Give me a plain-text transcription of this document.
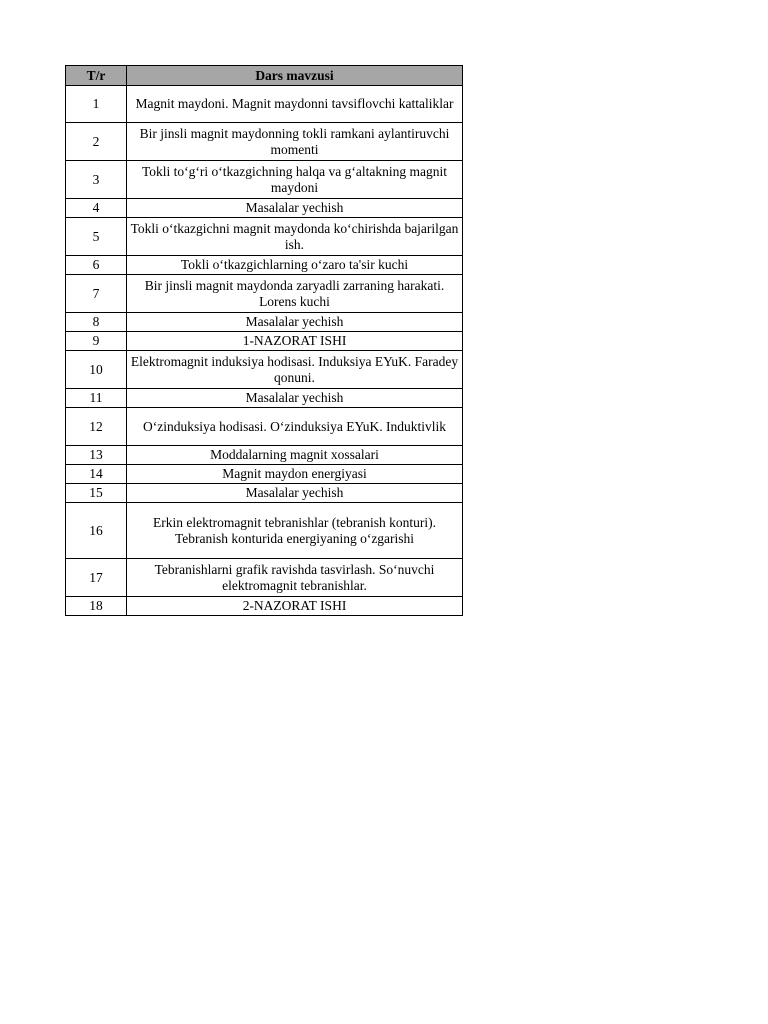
T/r	Dars mavzusi
1	Magnit maydoni. Magnit maydonni tavsiflovchi kattaliklar
2	Bir jinsli magnit maydonning tokli ramkani aylantiruvchi momenti
3	Tokli to‘g‘ri o‘tkazgichning halqa va g‘altakning magnit maydoni
4	Masalalar yechish
5	Tokli o‘tkazgichni magnit maydonda ko‘chirishda bajarilgan ish.
6	Tokli o‘tkazgichlarning o‘zaro ta'sir kuchi
7	Bir jinsli magnit maydonda zaryadli zarraning harakati. Lorens kuchi
8	Masalalar yechish
9	1-NAZORAT ISHI
10	Elektromagnit induksiya hodisasi. Induksiya EYuK. Faradey qonuni.
11	Masalalar yechish
12	O‘zinduksiya hodisasi. O‘zinduksiya EYuK. Induktivlik
13	Moddalarning magnit xossalari
14	Magnit maydon energiyasi
15	Masalalar yechish
16	Erkin elektromagnit tebranishlar (tebranish konturi). Tebranish konturida energiyaning o‘zgarishi
17	Tebranishlarni grafik ravishda tasvirlash. So‘nuvchi elektromagnit tebranishlar.
18	2-NAZORAT ISHI
